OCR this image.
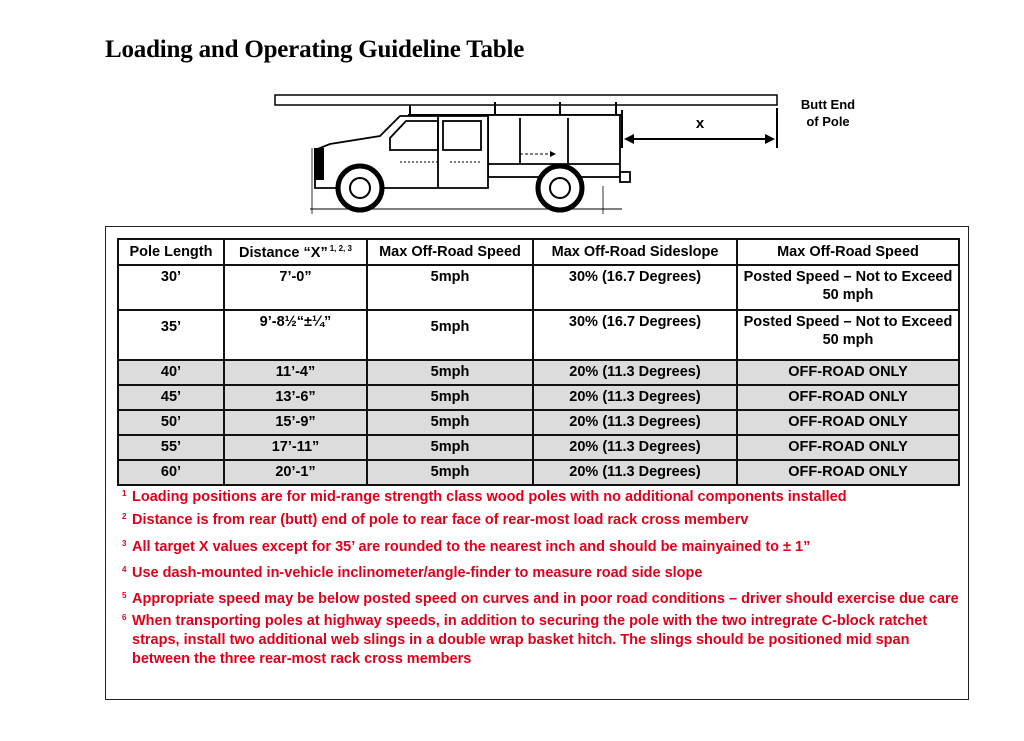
Loading and Operating Guideline Table
x
Butt End
of Pole
Pole Length	Distance “X” $^{1, 2, 3}$	Max Off-Road Speed	Max Off-Road Sideslope	Max Off-Road Speed
30’	7’-0”	5mph	30% (16.7 Degrees)	Posted Speed – Not to Exceed 50 mph
35’	9’-8½“±¼”	5mph	30% (16.7 Degrees)	Posted Speed – Not to Exceed 50 mph
40’	11’-4”	5mph	20% (11.3 Degrees)	OFF-ROAD ONLY
45’	13’-6”	5mph	20% (11.3 Degrees)	OFF-ROAD ONLY
50’	15’-9”	5mph	20% (11.3 Degrees)	OFF-ROAD ONLY
55’	17’-11”	5mph	20% (11.3 Degrees)	OFF-ROAD ONLY
60’	20’-1”	5mph	20% (11.3 Degrees)	OFF-ROAD ONLY
1 Loading positions are for mid-range strength class wood poles with no additional components installed
2 Distance is from rear (butt) end of pole to rear face of rear-most load rack cross memberv
3 All target X values except for 35’ are rounded to the nearest inch and should be mainyained to ± 1”
4 Use dash-mounted in-vehicle inclinometer/angle-finder to measure road side slope
5 Appropriate speed may be below posted speed on curves and in poor road conditions – driver should exercise due care
6 When transporting poles at highway speeds, in addition to securing the pole with the two intregrate C-block ratchet straps, install two additional web slings in a double wrap basket hitch. The slings should be positioned mid span between the three rear-most rack cross members
